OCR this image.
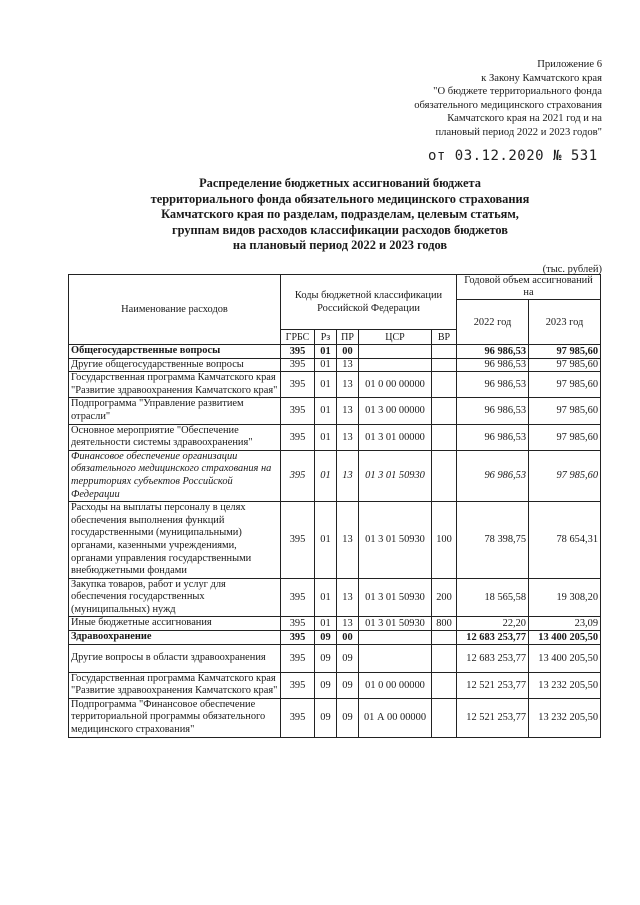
Приложение 6
к Закону Камчатского края
"О бюджете территориального фонда
обязательного медицинского страхования
Камчатского края на 2021 год и на
плановый период 2022 и 2023 годов"
от 03.12.2020 № 531
Распределение бюджетных ассигнований бюджета
территориального фонда обязательного медицинского страхования
Камчатского края по разделам, подразделам, целевым статьям,
группам видов расходов классификации расходов бюджетов
на плановый период 2022 и 2023 годов
(тыс. рублей)
Наименование расходов	Коды бюджетной классификации Российской Федерации					Годовой объем ассигнований на	
						2022 год	2023 год
	ГРБС	Рз	ПР	ЦСР	ВР		
Общегосударственные вопросы	395	01	00			96 986,53	97 985,60
Другие общегосударственные вопросы	395	01	13			96 986,53	97 985,60
Государственная программа Камчатского края "Развитие здравоохранения Камчатского края"	395	01	13	01 0 00 00000		96 986,53	97 985,60
Подпрограмма "Управление развитием отрасли"	395	01	13	01 3 00 00000		96 986,53	97 985,60
Основное мероприятие "Обеспечение деятельности системы здравоохранения"	395	01	13	01 3 01 00000		96 986,53	97 985,60
Финансовое обеспечение организации обязательного медицинского страхования на территориях субъектов Российской Федерации	395	01	13	01 3 01 50930		96 986,53	97 985,60
Расходы на выплаты персоналу в целях обеспечения выполнения функций государственными (муниципальными) органами, казенными учреждениями, органами управления государственными внебюджетными фондами	395	01	13	01 3 01 50930	100	78 398,75	78 654,31
Закупка товаров, работ и услуг для обеспечения государственных (муниципальных) нужд	395	01	13	01 3 01 50930	200	18 565,58	19 308,20
Иные бюджетные ассигнования	395	01	13	01 3 01 50930	800	22,20	23,09
Здравоохранение	395	09	00			12 683 253,77	13 400 205,50
Другие вопросы в области здравоохранения	395	09	09			12 683 253,77	13 400 205,50
Государственная программа Камчатского края "Развитие здравоохранения Камчатского края"	395	09	09	01 0 00 00000		12 521 253,77	13 232 205,50
Подпрограмма "Финансовое обеспечение территориальной программы обязательного медицинского страхования"	395	09	09	01 А 00 00000		12 521 253,77	13 232 205,50
